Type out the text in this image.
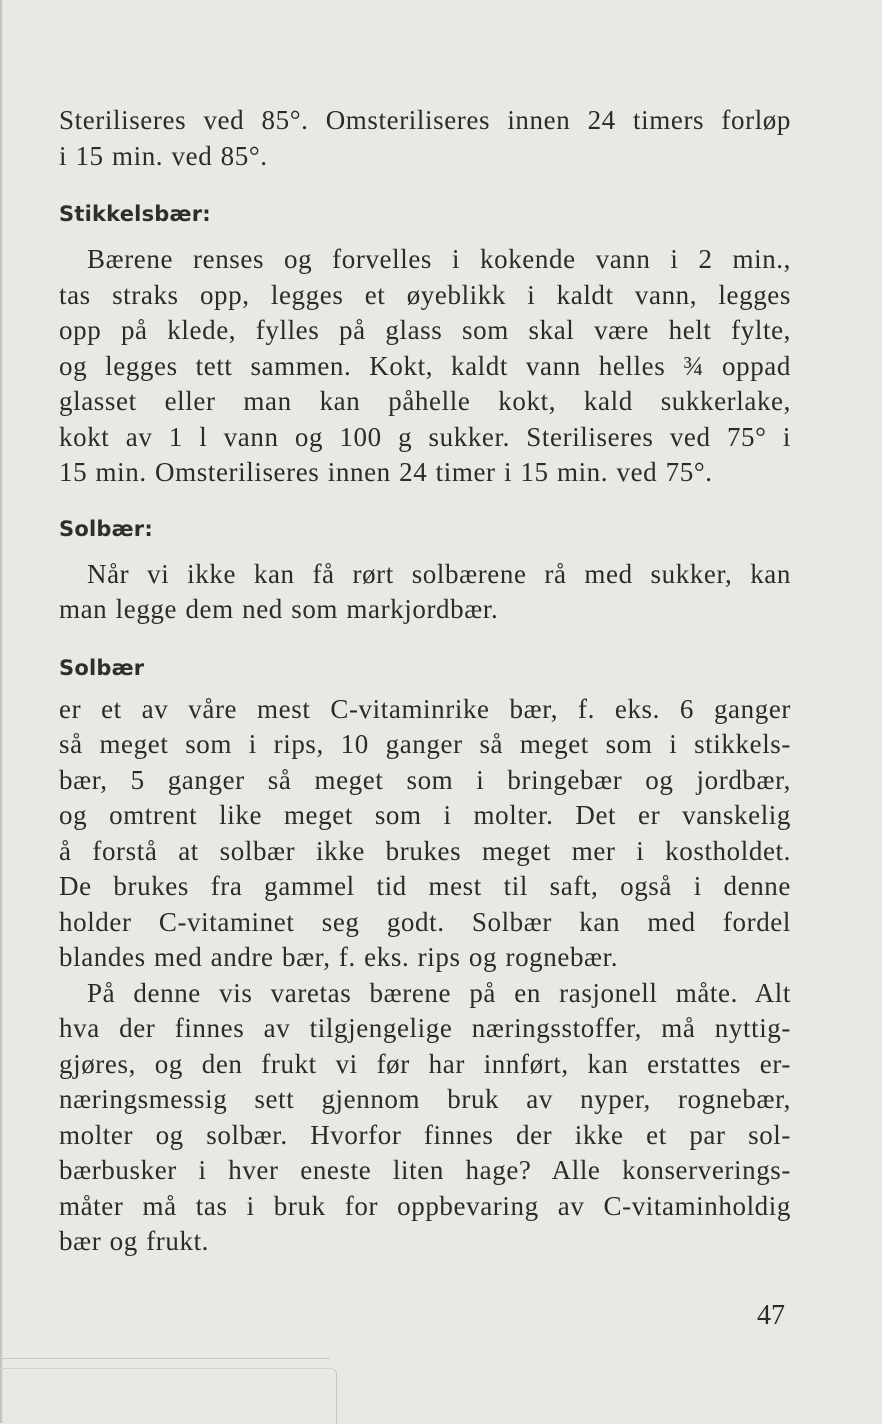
Steriliseres ved 85°. Omsteriliseres innen 24 timers forløp
i 15 min. ved 85°.

Stikkelsbær:

Bærene renses og forvelles i kokende vann i 2 min.,
tas straks opp, legges et øyeblikk i kaldt vann, legges
opp på klede, fylles på glass som skal være helt fylte,
og legges tett sammen. Kokt, kaldt vann helles ¾ oppad
glasset eller man kan påhelle kokt, kald sukkerlake,
kokt av 1 l vann og 100 g sukker. Steriliseres ved 75° i
15 min. Omsteriliseres innen 24 timer i 15 min. ved 75°.

Solbær:

Når vi ikke kan få rørt solbærene rå med sukker, kan
man legge dem ned som markjordbær.

Solbær

er et av våre mest C-vitaminrike bær, f. eks. 6 ganger
så meget som i rips, 10 ganger så meget som i stikkels-
bær, 5 ganger så meget som i bringebær og jordbær,
og omtrent like meget som i molter. Det er vanskelig
å forstå at solbær ikke brukes meget mer i kostholdet.
De brukes fra gammel tid mest til saft, også i denne
holder C-vitaminet seg godt. Solbær kan med fordel
blandes med andre bær, f. eks. rips og rognebær.

På denne vis varetas bærene på en rasjonell måte. Alt
hva der finnes av tilgjengelige næringsstoffer, må nyttig-
gjøres, og den frukt vi før har innført, kan erstattes er-
næringsmessig sett gjennom bruk av nyper, rognebær,
molter og solbær. Hvorfor finnes der ikke et par sol-
bærbusker i hver eneste liten hage? Alle konserverings-
måter må tas i bruk for oppbevaring av C-vitaminholdig
bær og frukt.

47
